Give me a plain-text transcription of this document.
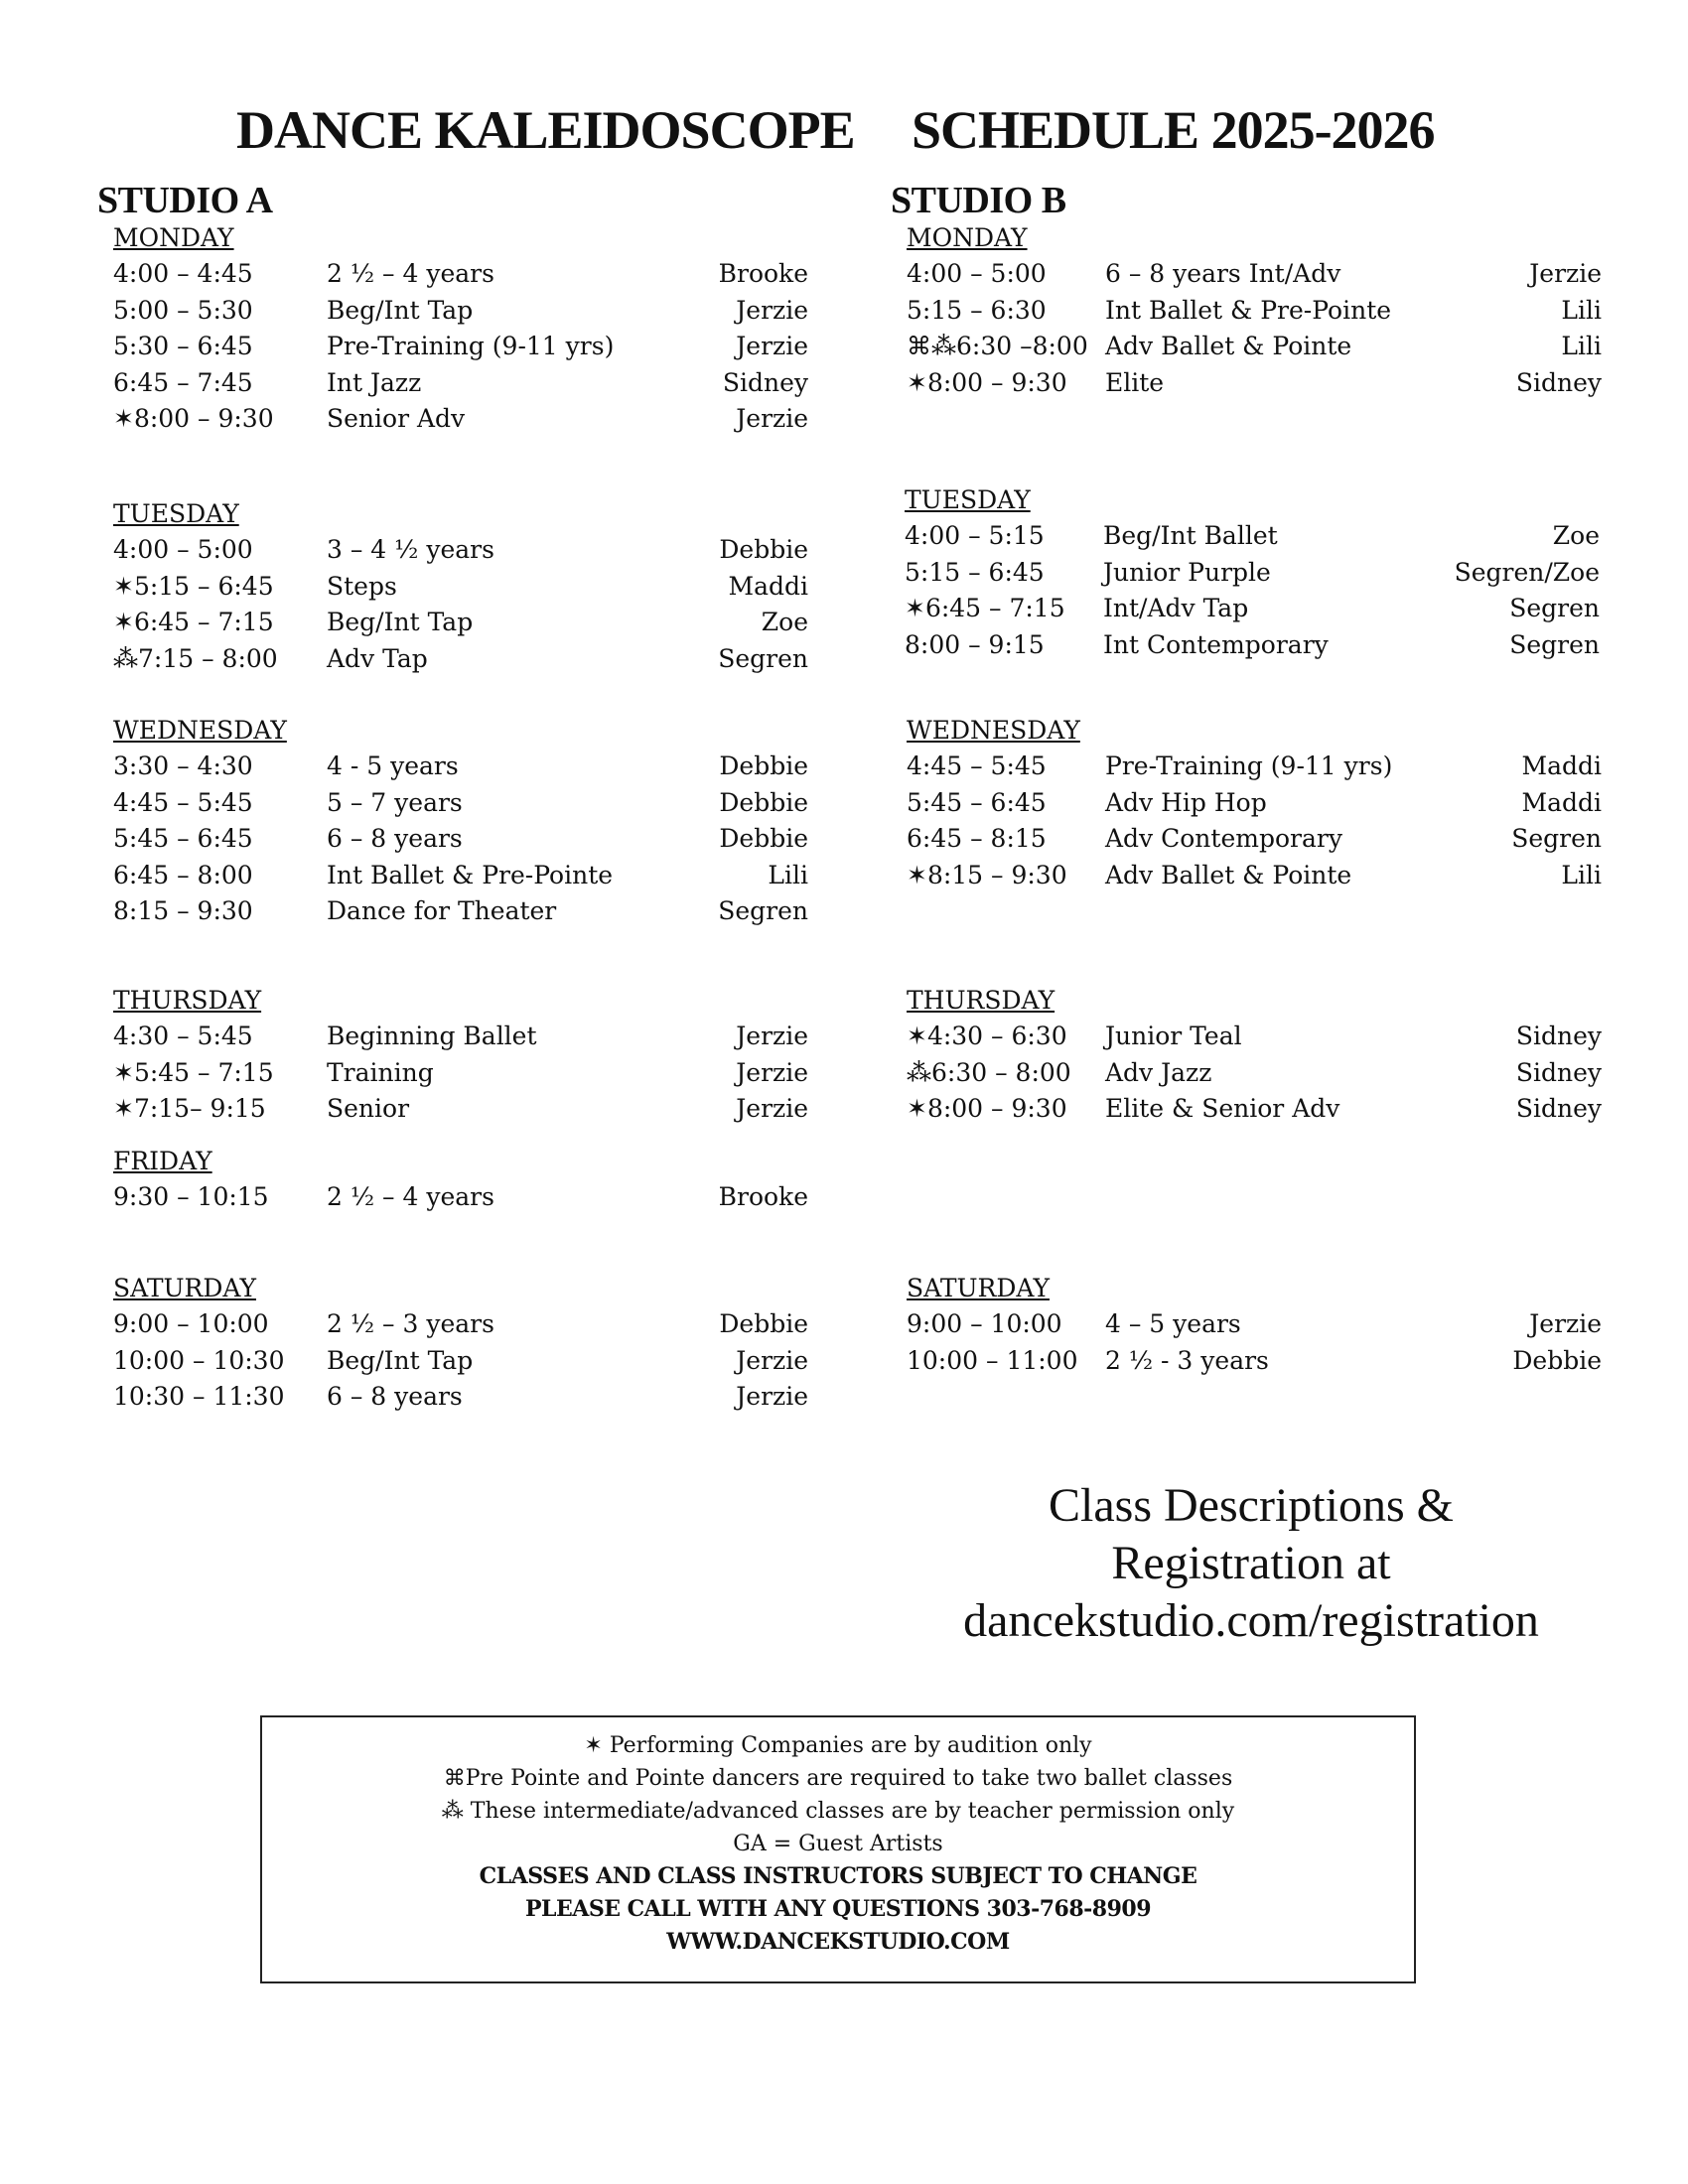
DANCE KALEIDOSCOPE SCHEDULE 2025-2026
STUDIO A
MONDAY
4:00 – 4:45	2 ½ – 4 years	Brooke
5:00 – 5:30	Beg/Int Tap	Jerzie
5:30 – 6:45	Pre-Training (9-11 yrs)	Jerzie
6:45 – 7:45	Int Jazz	Sidney
✶8:00 – 9:30 Senior Adv	Jerzie
TUESDAY
4:00 – 5:00	3 – 4 ½ years	Debbie
✶5:15 – 6:45 Steps	Maddi
✶6:45 – 7:15 Beg/Int Tap	Zoe
⁂7:15 – 8:00 Adv Tap	Segren
WEDNESDAY
3:30 – 4:30	4 - 5 years	Debbie
4:45 – 5:45	5 – 7 years	Debbie
5:45 – 6:45	6 – 8 years	Debbie
6:45 – 8:00	Int Ballet & Pre-Pointe	Lili
8:15 – 9:30	Dance for Theater	Segren
THURSDAY
4:30 – 5:45	Beginning Ballet	Jerzie
✶5:45 – 7:15 Training	Jerzie
✶7:15– 9:15 Senior	Jerzie
FRIDAY
9:30 – 10:15 2 ½ – 4 years	Brooke
SATURDAY
9:00 – 10:00 2 ½ – 3 years	Debbie
10:00 – 10:30 Beg/Int Tap	Jerzie
10:30 – 11:30 6 – 8 years	Jerzie
STUDIO B
MONDAY
4:00 – 5:00 6 – 8 years Int/Adv	Jerzie
5:15 – 6:30 Int Ballet & Pre-Pointe	Lili
⌘⁂6:30 –8:00 Adv Ballet & Pointe	Lili
✶8:00 – 9:30 Elite	Sidney
TUESDAY
4:00 – 5:15 Beg/Int Ballet	Zoe
5:15 – 6:45 Junior Purple	Segren/Zoe
✶6:45 – 7:15 Int/Adv Tap	Segren
8:00 – 9:15 Int Contemporary	Segren
WEDNESDAY
4:45 – 5:45 Pre-Training (9-11 yrs)	Maddi
5:45 – 6:45 Adv Hip Hop	Maddi
6:45 – 8:15 Adv Contemporary	Segren
✶8:15 – 9:30 Adv Ballet & Pointe	Lili
THURSDAY
✶4:30 – 6:30 Junior Teal	Sidney
⁂6:30 – 8:00 Adv Jazz	Sidney
✶8:00 – 9:30 Elite & Senior Adv	Sidney
SATURDAY
9:00 – 10:00 4 – 5 years	Jerzie
10:00 – 11:00 2 ½ - 3 years	Debbie
Class Descriptions &
Registration at
dancekstudio.com/registration
✶ Performing Companies are by audition only
⌘Pre Pointe and Pointe dancers are required to take two ballet classes
⁂ These intermediate/advanced classes are by teacher permission only
GA = Guest Artists
CLASSES AND CLASS INSTRUCTORS SUBJECT TO CHANGE
PLEASE CALL WITH ANY QUESTIONS 303-768-8909
WWW.DANCEKSTUDIO.COM
